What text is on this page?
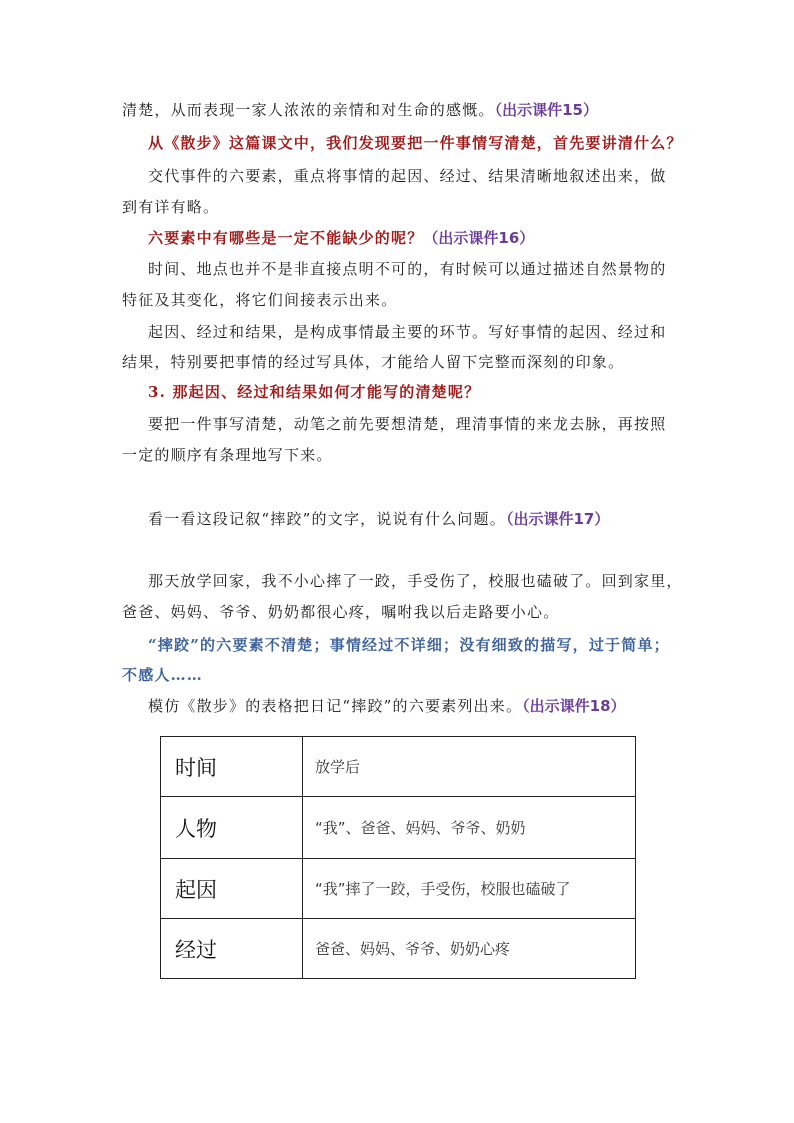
清楚，从而表现一家人浓浓的亲情和对生命的感慨。（出示课件15）
从《散步》这篇课文中，我们发现要把一件事情写清楚，首先要讲清什么？
交代事件的六要素，重点将事情的起因、经过、结果清晰地叙述出来，做
到有详有略。
六要素中有哪些是一定不能缺少的呢？（出示课件16）
时间、地点也并不是非直接点明不可的，有时候可以通过描述自然景物的
特征及其变化，将它们间接表示出来。
起因、经过和结果，是构成事情最主要的环节。写好事情的起因、经过和
结果，特别要把事情的经过写具体，才能给人留下完整而深刻的印象。
3. 那起因、经过和结果如何才能写的清楚呢？
要把一件事写清楚，动笔之前先要想清楚，理清事情的来龙去脉，再按照
一定的顺序有条理地写下来。
看一看这段记叙“摔跤”的文字，说说有什么问题。（出示课件17）
那天放学回家，我不小心摔了一跤，手受伤了，校服也磕破了。回到家里，
爸爸、妈妈、爷爷、奶奶都很心疼，嘱咐我以后走路要小心。
“摔跤”的六要素不清楚；事情经过不详细；没有细致的描写，过于简单；
不感人……
模仿《散步》的表格把日记“摔跤”的六要素列出来。（出示课件18）
时间	放学后
人物	“我”、爸爸、妈妈、爷爷、奶奶
起因	“我”摔了一跤，手受伤，校服也磕破了
经过	爸爸、妈妈、爷爷、奶奶心疼
